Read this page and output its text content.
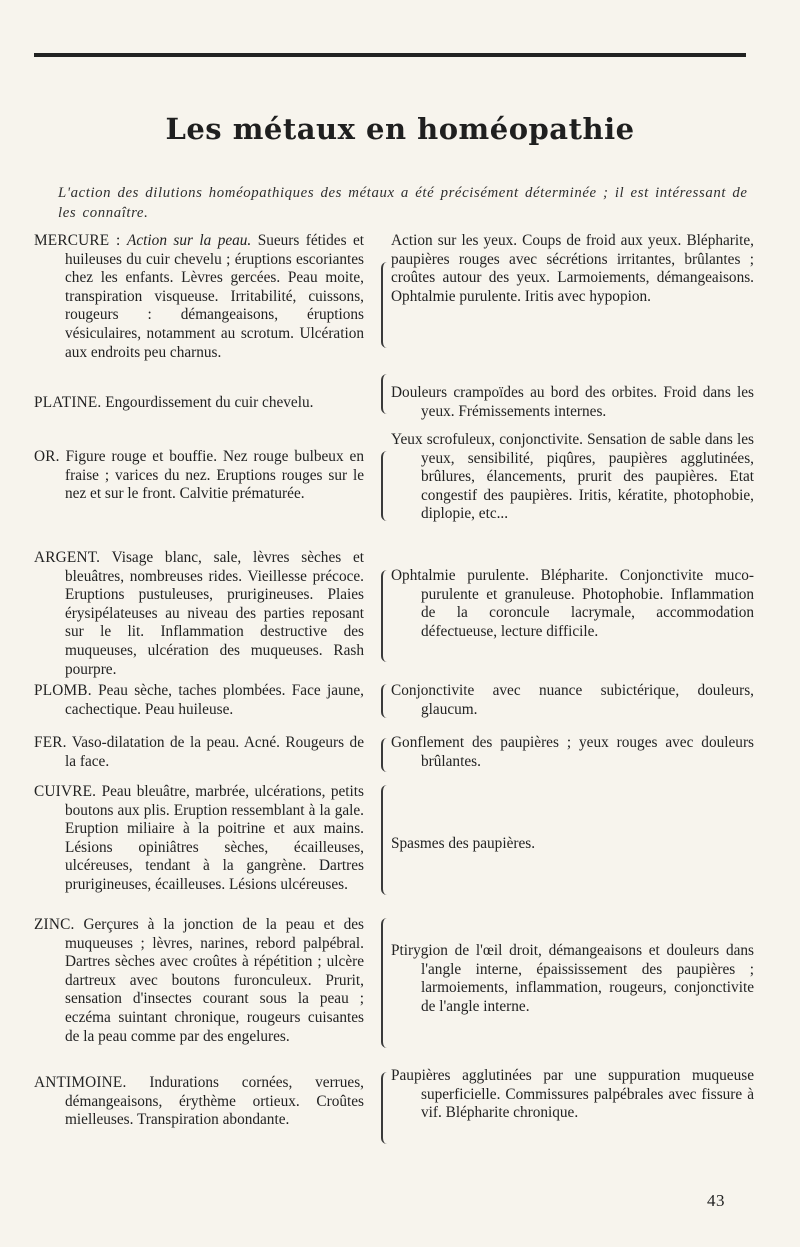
Les métaux en homéopathie

L'action des dilutions homéopathiques des métaux a été précisément déterminée ; il est intéressant de les connaître.

MERCURE : Action sur la peau. Sueurs fétides et huileuses du cuir chevelu ; éruptions escoriantes chez les enfants. Lèvres gercées. Peau moite, transpiration visqueuse. Irritabilité, cuissons, rougeurs : démangeaisons, éruptions vésiculaires, notamment au scrotum. Ulcération aux endroits peu charnus.

PLATINE. Engourdissement du cuir chevelu.

OR. Figure rouge et bouffie. Nez rouge bulbeux en fraise ; varices du nez. Eruptions rouges sur le nez et sur le front. Calvitie prématurée.

ARGENT. Visage blanc, sale, lèvres sèches et bleuâtres, nombreuses rides. Vieillesse précoce. Eruptions pustuleuses, prurigineuses. Plaies érysipélateuses au niveau des parties reposant sur le lit. Inflammation destructive des muqueuses, ulcération des muqueuses. Rash pourpre.

PLOMB. Peau sèche, taches plombées. Face jaune, cachectique. Peau huileuse.

FER. Vaso-dilatation de la peau. Acné. Rougeurs de la face.

CUIVRE. Peau bleuâtre, marbrée, ulcérations, petits boutons aux plis. Eruption ressemblant à la gale. Eruption miliaire à la poitrine et aux mains. Lésions opiniâtres sèches, écailleuses, ulcéreuses, tendant à la gangrène. Dartres prurigineuses, écailleuses. Lésions ulcéreuses.

ZINC. Gerçures à la jonction de la peau et des muqueuses ; lèvres, narines, rebord palpébral. Dartres sèches avec croûtes à répétition ; ulcère dartreux avec boutons furonculeux. Prurit, sensation d'insectes courant sous la peau ; eczéma suintant chronique, rougeurs cuisantes de la peau comme par des engelures.

ANTIMOINE. Indurations cornées, verrues, démangeaisons, érythème ortieux. Croûtes mielleuses. Transpiration abondante.

Action sur les yeux. Coups de froid aux yeux. Blépharite, paupières rouges avec sécrétions irritantes, brûlantes ; croûtes autour des yeux. Larmoiements, démangeaisons. Ophtalmie purulente. Iritis avec hypopion.

Douleurs crampoïdes au bord des orbites. Froid dans les yeux. Frémissements internes.

Yeux scrofuleux, conjonctivite. Sensation de sable dans les yeux, sensibilité, piqûres, paupières agglutinées, brûlures, élancements, prurit des paupières. Etat congestif des paupières. Iritis, kératite, photophobie, diplopie, etc...

Ophtalmie purulente. Blépharite. Conjonctivite muco-purulente et granuleuse. Photophobie. Inflammation de la coroncule lacrymale, accommodation défectueuse, lecture difficile.

Conjonctivite avec nuance subictérique, douleurs, glaucum.

Gonflement des paupières ; yeux rouges avec douleurs brûlantes.

Spasmes des paupières.

Ptirygion de l'œil droit, démangeaisons et douleurs dans l'angle interne, épaississement des paupières ; larmoiements, inflammation, rougeurs, conjonctivite de l'angle interne.

Paupières agglutinées par une suppuration muqueuse superficielle. Commissures palpébrales avec fissure à vif. Blépharite chronique.

43
